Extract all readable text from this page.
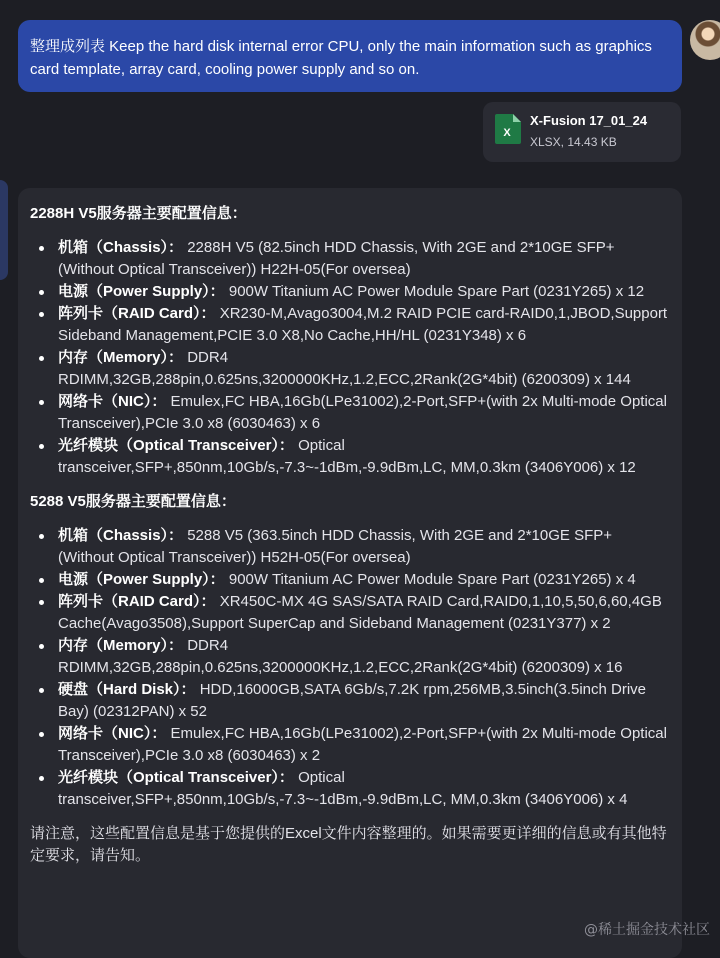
整理成列表 Keep the hard disk internal error CPU, only the main information such as graphics card template, array card, cooling power supply and so on.
X
X-Fusion 17_01_24
XLSX, 14.43 KB
2288H V5服务器主要配置信息：
机箱（Chassis）： 2288H V5 (82.5inch HDD Chassis, With 2GE and 2*10GE SFP+ (Without Optical Transceiver)) H22H-05(For oversea)
电源（Power Supply）： 900W Titanium AC Power Module Spare Part (0231Y265) x 12
阵列卡（RAID Card）： XR230-M,Avago3004,M.2 RAID PCIE card-RAID0,1,JBOD,Support Sideband Management,PCIE 3.0 X8,No Cache,HH/HL (0231Y348) x 6
内存（Memory）： DDR4 RDIMM,32GB,288pin,0.625ns,3200000KHz,1.2,ECC,2Rank(2G*4bit) (6200309) x 144
网络卡（NIC）： Emulex,FC HBA,16Gb(LPe31002),2-Port,SFP+(with 2x Multi-mode Optical Transceiver),PCIe 3.0 x8 (6030463) x 6
光纤模块（Optical Transceiver）： Optical transceiver,SFP+,850nm,10Gb/s,-7.3~-1dBm,-9.9dBm,LC, MM,0.3km (3406Y006) x 12
5288 V5服务器主要配置信息：
机箱（Chassis）： 5288 V5 (363.5inch HDD Chassis, With 2GE and 2*10GE SFP+ (Without Optical Transceiver)) H52H-05(For oversea)
电源（Power Supply）： 900W Titanium AC Power Module Spare Part (0231Y265) x 4
阵列卡（RAID Card）： XR450C-MX 4G SAS/SATA RAID Card,RAID0,1,10,5,50,6,60,4GB Cache(Avago3508),Support SuperCap and Sideband Management (0231Y377) x 2
内存（Memory）： DDR4 RDIMM,32GB,288pin,0.625ns,3200000KHz,1.2,ECC,2Rank(2G*4bit) (6200309) x 16
硬盘（Hard Disk）： HDD,16000GB,SATA 6Gb/s,7.2K rpm,256MB,3.5inch(3.5inch Drive Bay) (02312PAN) x 52
网络卡（NIC）： Emulex,FC HBA,16Gb(LPe31002),2-Port,SFP+(with 2x Multi-mode Optical Transceiver),PCIe 3.0 x8 (6030463) x 2
光纤模块（Optical Transceiver）： Optical transceiver,SFP+,850nm,10Gb/s,-7.3~-1dBm,-9.9dBm,LC, MM,0.3km (3406Y006) x 4

请注意，这些配置信息是基于您提供的Excel文件内容整理的。如果需要更详细的信息或有其他特定要求，请告知。

@稀土掘金技术社区
